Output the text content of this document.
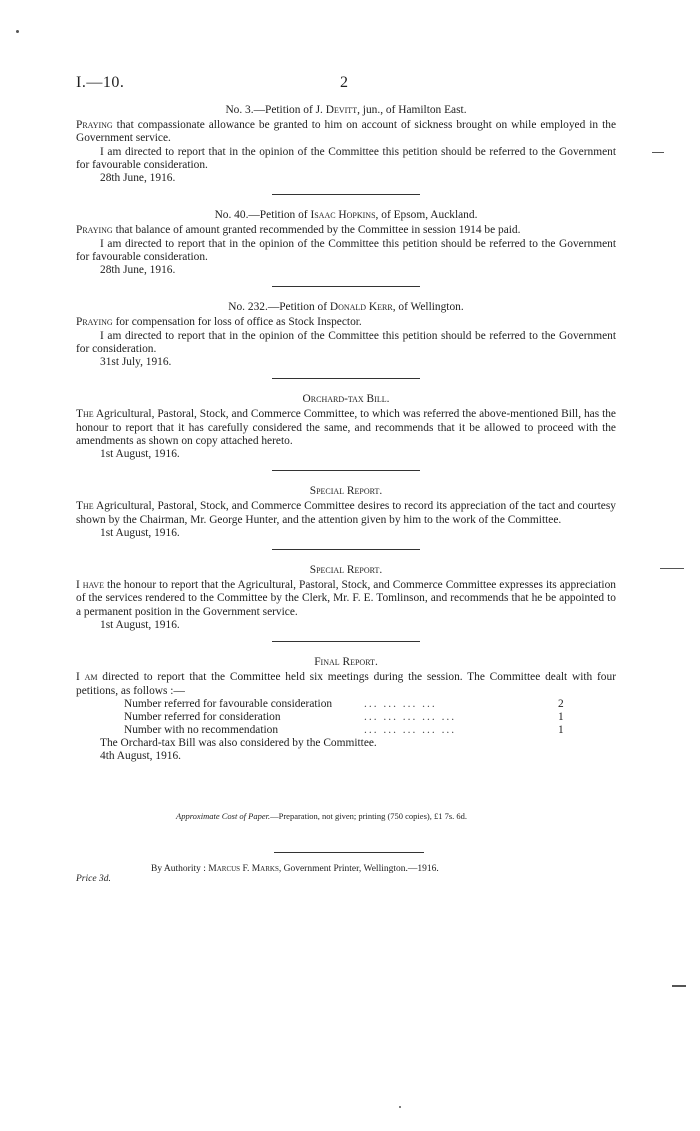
I.—10.	2
No. 3.—Petition of J. Devitt, jun., of Hamilton East.

Praying that compassionate allowance be granted to him on account of sickness brought on while employed in the Government service.

I am directed to report that in the opinion of the Committee this petition should be referred to the Government for favourable consideration.

28th June, 1916.
No. 40.—Petition of Isaac Hopkins, of Epsom, Auckland.

Praying that balance of amount granted recommended by the Committee in session 1914 be paid.

I am directed to report that in the opinion of the Committee this petition should be referred to the Government for favourable consideration.

28th June, 1916.
No. 232.—Petition of Donald Kerr, of Wellington.

Praying for compensation for loss of office as Stock Inspector.

I am directed to report that in the opinion of the Committee this petition should be referred to the Government for consideration.

31st July, 1916.
Orchard-tax Bill.

The Agricultural, Pastoral, Stock, and Commerce Committee, to which was referred the above-mentioned Bill, has the honour to report that it has carefully considered the same, and recommends that it be allowed to proceed with the amendments as shown on copy attached hereto.

1st August, 1916.
Special Report.

The Agricultural, Pastoral, Stock, and Commerce Committee desires to record its appreciation of the tact and courtesy shown by the Chairman, Mr. George Hunter, and the attention given by him to the work of the Committee.

1st August, 1916.
Special Report.

I have the honour to report that the Agricultural, Pastoral, Stock, and Commerce Committee expresses its appreciation of the services rendered to the Committee by the Clerk, Mr. F. E. Tomlinson, and recommends that he be appointed to a permanent position in the Government service.

1st August, 1916.
Final Report.

I am directed to report that the Committee held six meetings during the session. The Committee dealt with four petitions, as follows :—

Number referred for favourable consideration	... ... ... ...	2
Number referred for consideration	... ... ... ... ...	1
Number with no recommendation	... ... ... ... ...	1

The Orchard-tax Bill was also considered by the Committee.

4th August, 1916.
Approximate Cost of Paper.—Preparation, not given; printing (750 copies), £1 7s. 6d.
By Authority : Marcus F. Marks, Government Printer, Wellington.—1916.
Price 3d.
